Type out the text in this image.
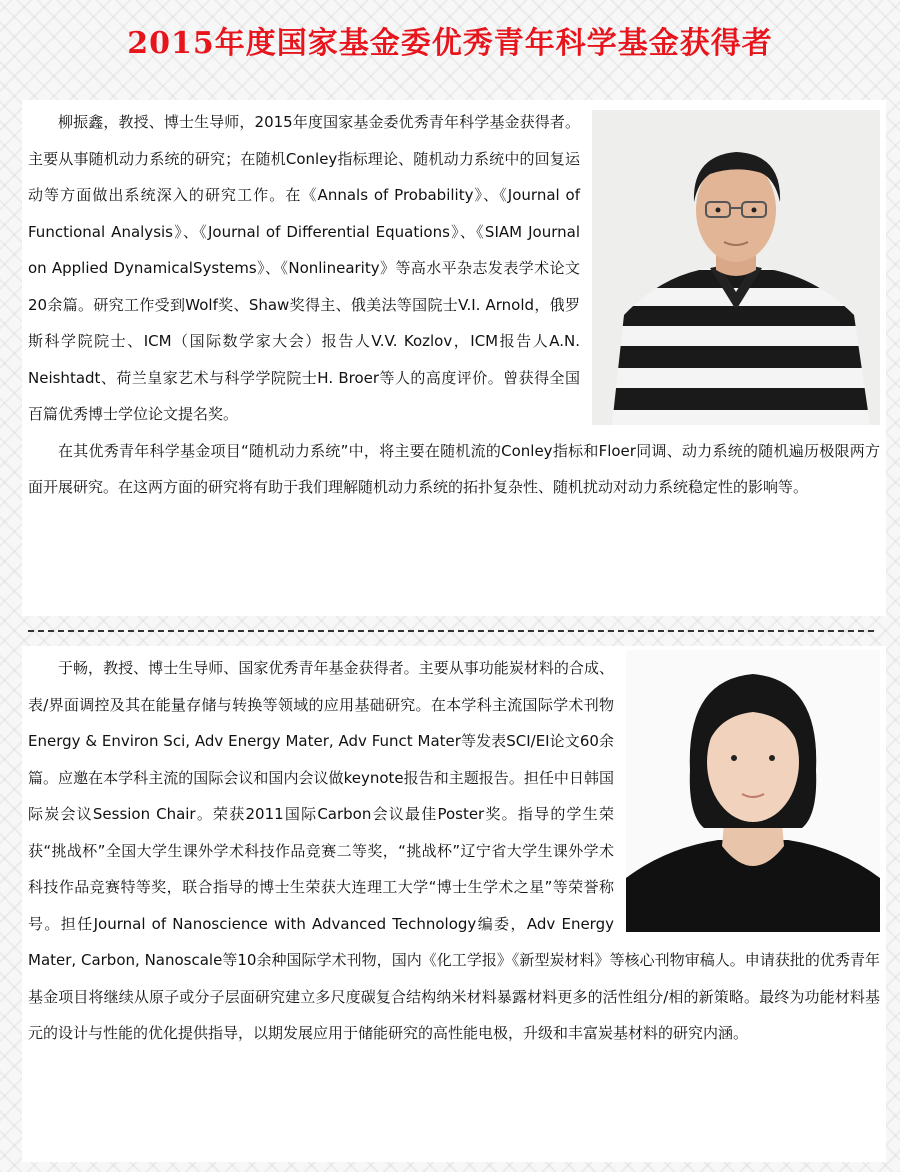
2015年度国家基金委优秀青年科学基金获得者

柳振鑫，教授、博士生导师，2015年度国家基金委优秀青年科学基金获得者。主要从事随机动力系统的研究；在随机Conley指标理论、随机动力系统中的回复运动等方面做出系统深入的研究工作。在《Annals of Probability》、《Journal of Functional Analysis》、《Journal of Differential Equations》、《SIAM Journal on Applied DynamicalSystems》、《Nonlinearity》等高水平杂志发表学术论文20余篇。研究工作受到Wolf奖、Shaw奖得主、俄美法等国院士V.I. Arnold，俄罗斯科学院院士、ICM（国际数学家大会）报告人V.V. Kozlov，ICM报告人A.N. Neishtadt、荷兰皇家艺术与科学学院院士H. Broer等人的高度评价。曾获得全国百篇优秀博士学位论文提名奖。

在其优秀青年科学基金项目“随机动力系统”中，将主要在随机流的Conley指标和Floer同调、动力系统的随机遍历极限两方面开展研究。在这两方面的研究将有助于我们理解随机动力系统的拓扑复杂性、随机扰动对动力系统稳定性的影响等。

于畅，教授、博士生导师、国家优秀青年基金获得者。主要从事功能炭材料的合成、表/界面调控及其在能量存储与转换等领域的应用基础研究。在本学科主流国际学术刊物Energy & Environ Sci, Adv Energy Mater, Adv Funct Mater等发表SCI/EI论文60余篇。应邀在本学科主流的国际会议和国内会议做keynote报告和主题报告。担任中日韩国际炭会议Session Chair。荣获2011国际Carbon会议最佳Poster奖。指导的学生荣获“挑战杯”全国大学生课外学术科技作品竞赛二等奖，“挑战杯”辽宁省大学生课外学术科技作品竞赛特等奖，联合指导的博士生荣获大连理工大学“博士生学术之星”等荣誉称号。担任Journal of Nanoscience with Advanced Technology编委，Adv Energy Mater, Carbon, Nanoscale等10余种国际学术刊物，国内《化工学报》《新型炭材料》等核心刊物审稿人。申请获批的优秀青年基金项目将继续从原子或分子层面研究建立多尺度碳复合结构纳米材料暴露材料更多的活性组分/相的新策略。最终为功能材料基元的设计与性能的优化提供指导，以期发展应用于储能研究的高性能电极，升级和丰富炭基材料的研究内涵。
